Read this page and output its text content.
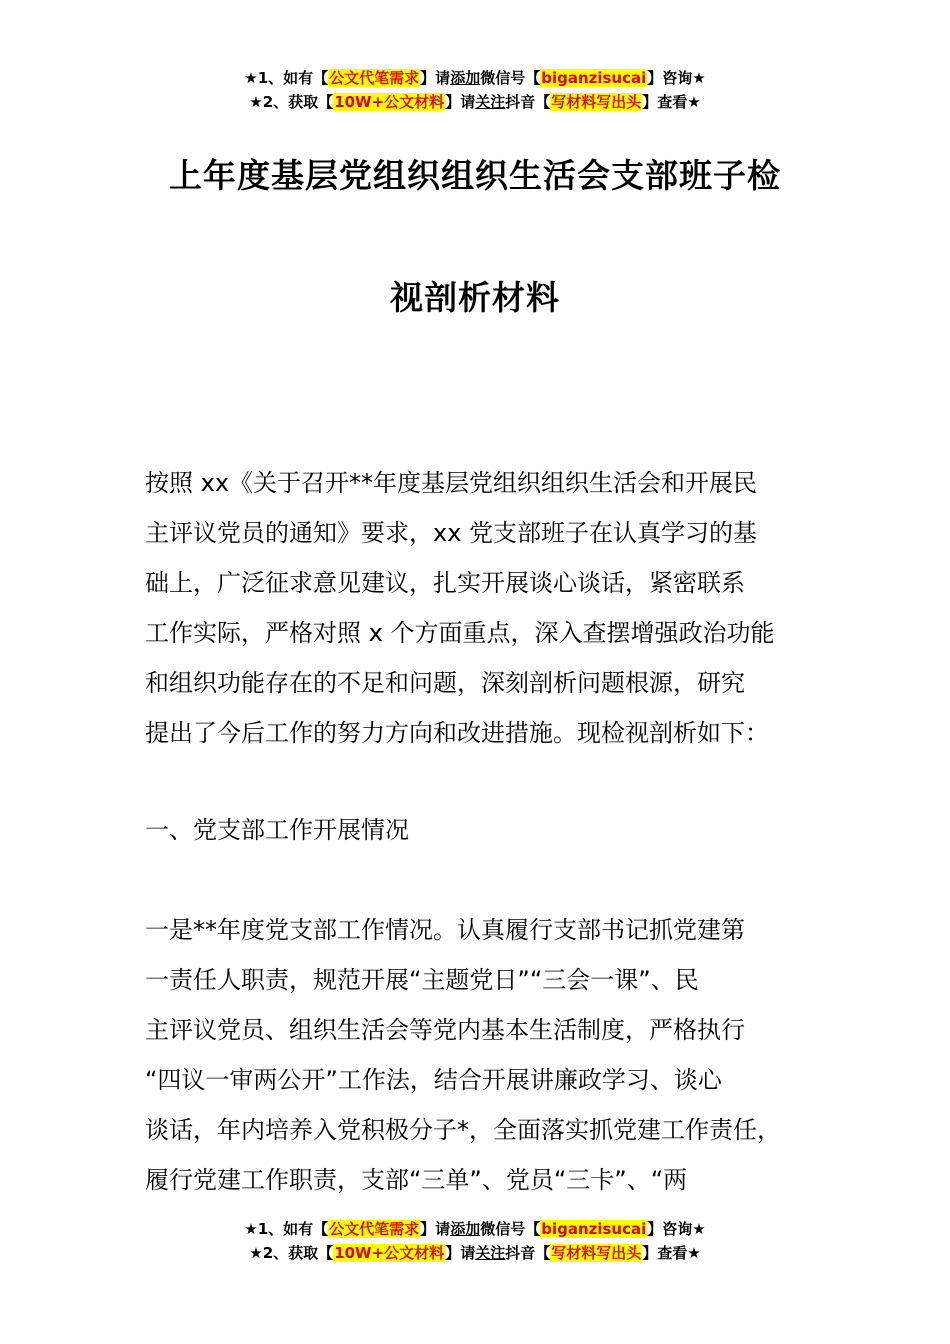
★1、如有【公文代笔需求】请添加微信号【biganzisucai】咨询★
★2、获取【10W+公文材料】请关注抖音【写材料写出头】查看★
上年度基层党组织组织生活会支部班子检
视剖析材料
按照 xx《关于召开**年度基层党组织组织生活会和开展民
主评议党员的通知》要求，xx 党支部班子在认真学习的基
础上，广泛征求意见建议，扎实开展谈心谈话，紧密联系
工作实际，严格对照 x 个方面重点，深入查摆增强政治功能
和组织功能存在的不足和问题，深刻剖析问题根源，研究
提出了今后工作的努力方向和改进措施。现检视剖析如下：
一、党支部工作开展情况
一是**年度党支部工作情况。认真履行支部书记抓党建第
一责任人职责，规范开展“主题党日”“三会一课”、民
主评议党员、组织生活会等党内基本生活制度，严格执行
“四议一审两公开”工作法，结合开展讲廉政学习、谈心
谈话，年内培养入党积极分子*，全面落实抓党建工作责任，
履行党建工作职责，支部“三单”、党员“三卡”、“两
★1、如有【公文代笔需求】请添加微信号【biganzisucai】咨询★
★2、获取【10W+公文材料】请关注抖音【写材料写出头】查看★
